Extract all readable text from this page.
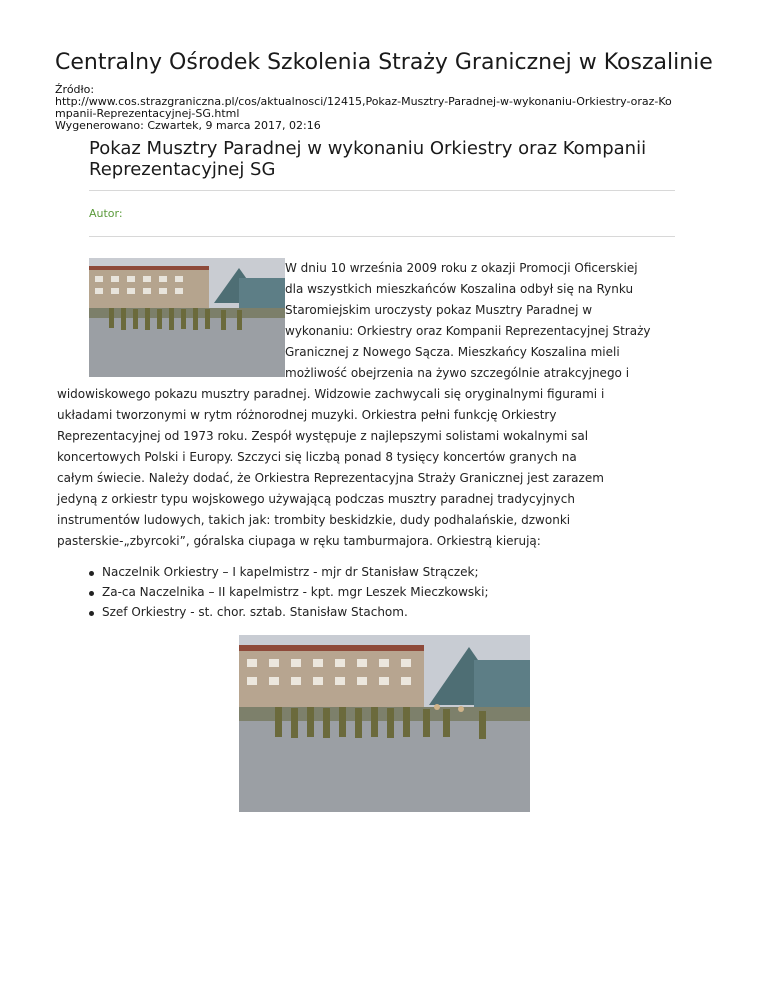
Centralny Ośrodek Szkolenia Straży Granicznej w Koszalinie
Źródło:
http://www.cos.strazgraniczna.pl/cos/aktualnosci/12415,Pokaz-Musztry-Paradnej-w-wykonaniu-Orkiestry-oraz-Ko
mpanii-Reprezentacyjnej-SG.html
Wygenerowano: Czwartek, 9 marca 2017, 02:16
Pokaz Musztry Paradnej w wykonaniu Orkiestry oraz Kompanii
Reprezentacyjnej SG
Autor:
W dniu 10 września 2009 roku z okazji Promocji Oficerskiej
dla wszystkich mieszkańców Koszalina odbył się na Rynku
Staromiejskim uroczysty pokaz Musztry Paradnej w
wykonaniu: Orkiestry oraz Kompanii Reprezentacyjnej Straży
Granicznej z Nowego Sącza. Mieszkańcy Koszalina mieli
możliwość obejrzenia na żywo szczególnie atrakcyjnego i
widowiskowego pokazu musztry paradnej. Widzowie zachwycali się oryginalnymi figurami i
układami tworzonymi w rytm różnorodnej muzyki. Orkiestra pełni funkcję Orkiestry
Reprezentacyjnej od 1973 roku. Zespół występuje z najlepszymi solistami wokalnymi sal
koncertowych Polski i Europy. Szczyci się liczbą ponad 8 tysięcy koncertów granych na
całym świecie. Należy dodać, że Orkiestra Reprezentacyjna Straży Granicznej jest zarazem
jedyną z orkiestr typu wojskowego używającą podczas musztry paradnej tradycyjnych
instrumentów ludowych, takich jak: trombity beskidzkie, dudy podhalańskie, dzwonki
pasterskie-„zbyrcoki”, góralska ciupaga w ręku tamburmajora. Orkiestrą kierują:
Naczelnik Orkiestry – I kapelmistrz - mjr dr Stanisław Strączek;
Za-ca Naczelnika – II kapelmistrz - kpt. mgr Leszek Mieczkowski;
Szef Orkiestry - st. chor. sztab. Stanisław Stachom.
